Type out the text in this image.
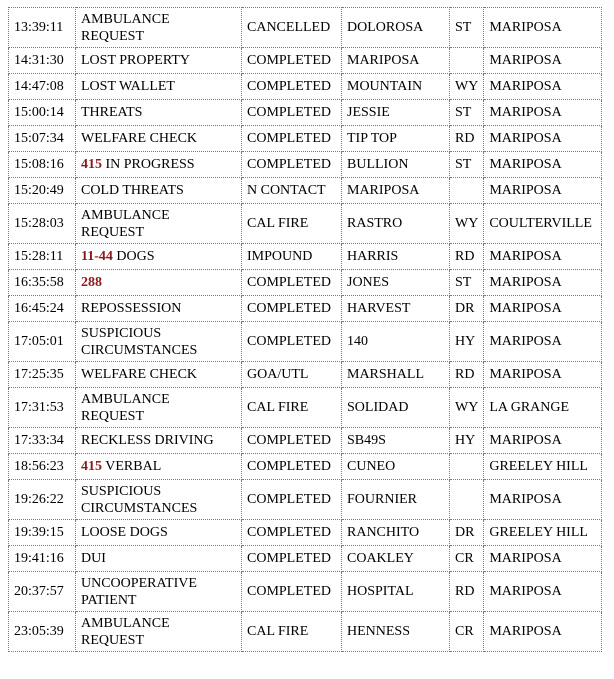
13:39:11	AMBULANCE REQUEST	CANCELLED	DOLOROSA	ST	MARIPOSA
14:31:30	LOST PROPERTY	COMPLETED	MARIPOSA		MARIPOSA
14:47:08	LOST WALLET	COMPLETED	MOUNTAIN	WY	MARIPOSA
15:00:14	THREATS	COMPLETED	JESSIE	ST	MARIPOSA
15:07:34	WELFARE CHECK	COMPLETED	TIP TOP	RD	MARIPOSA
15:08:16	415 IN PROGRESS	COMPLETED	BULLION	ST	MARIPOSA
15:20:49	COLD THREATS	N CONTACT	MARIPOSA		MARIPOSA
15:28:03	AMBULANCE REQUEST	CAL FIRE	RASTRO	WY	COULTERVILLE
15:28:11	11-44 DOGS	IMPOUND	HARRIS	RD	MARIPOSA
16:35:58	288	COMPLETED	JONES	ST	MARIPOSA
16:45:24	REPOSSESSION	COMPLETED	HARVEST	DR	MARIPOSA
17:05:01	SUSPICIOUS CIRCUMSTANCES	COMPLETED	140	HY	MARIPOSA
17:25:35	WELFARE CHECK	GOA/UTL	MARSHALL	RD	MARIPOSA
17:31:53	AMBULANCE REQUEST	CAL FIRE	SOLIDAD	WY	LA GRANGE
17:33:34	RECKLESS DRIVING	COMPLETED	SB49S	HY	MARIPOSA
18:56:23	415 VERBAL	COMPLETED	CUNEO		GREELEY HILL
19:26:22	SUSPICIOUS CIRCUMSTANCES	COMPLETED	FOURNIER		MARIPOSA
19:39:15	LOOSE DOGS	COMPLETED	RANCHITO	DR	GREELEY HILL
19:41:16	DUI	COMPLETED	COAKLEY	CR	MARIPOSA
20:37:57	UNCOOPERATIVE PATIENT	COMPLETED	HOSPITAL	RD	MARIPOSA
23:05:39	AMBULANCE REQUEST	CAL FIRE	HENNESS	CR	MARIPOSA
